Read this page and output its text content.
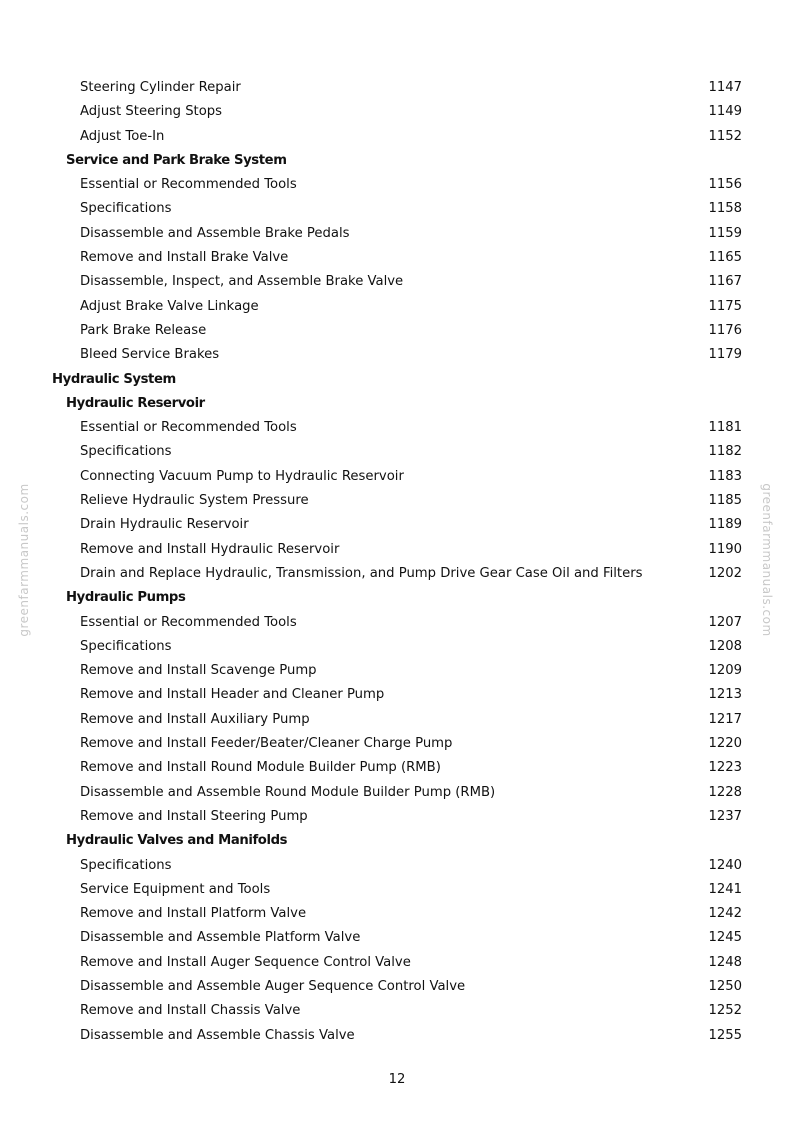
greenfarmmanuals.com	greenfarmmanuals.com
Steering Cylinder Repair	1147
Adjust Steering Stops	1149
Adjust Toe-In	1152
Service and Park Brake System
Essential or Recommended Tools	1156
Specifications	1158
Disassemble and Assemble Brake Pedals	1159
Remove and Install Brake Valve	1165
Disassemble, Inspect, and Assemble Brake Valve	1167
Adjust Brake Valve Linkage	1175
Park Brake Release	1176
Bleed Service Brakes	1179
Hydraulic System
Hydraulic Reservoir
Essential or Recommended Tools	1181
Specifications	1182
Connecting Vacuum Pump to Hydraulic Reservoir	1183
Relieve Hydraulic System Pressure	1185
Drain Hydraulic Reservoir	1189
Remove and Install Hydraulic Reservoir	1190
Drain and Replace Hydraulic, Transmission, and Pump Drive Gear Case Oil and Filters	1202
Hydraulic Pumps
Essential or Recommended Tools	1207
Specifications	1208
Remove and Install Scavenge Pump	1209
Remove and Install Header and Cleaner Pump	1213
Remove and Install Auxiliary Pump	1217
Remove and Install Feeder/Beater/Cleaner Charge Pump	1220
Remove and Install Round Module Builder Pump (RMB)	1223
Disassemble and Assemble Round Module Builder Pump (RMB)	1228
Remove and Install Steering Pump	1237
Hydraulic Valves and Manifolds
Specifications	1240
Service Equipment and Tools	1241
Remove and Install Platform Valve	1242
Disassemble and Assemble Platform Valve	1245
Remove and Install Auger Sequence Control Valve	1248
Disassemble and Assemble Auger Sequence Control Valve	1250
Remove and Install Chassis Valve	1252
Disassemble and Assemble Chassis Valve	1255
12
